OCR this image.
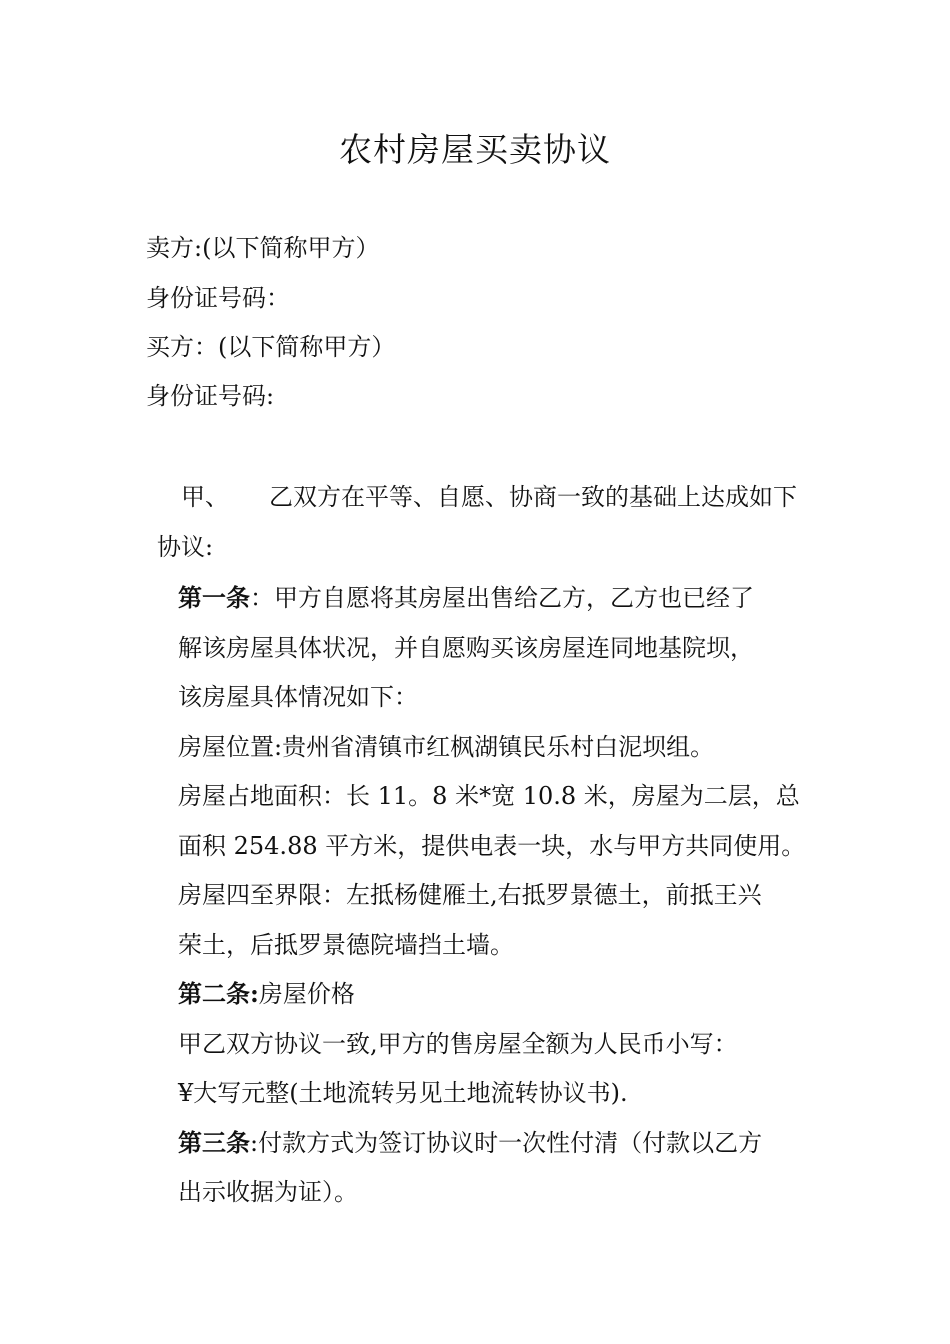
农村房屋买卖协议
卖方:(以下简称甲方）
身份证号码：
买方：(以下简称甲方）
身份证号码:
甲、 乙双方在平等、自愿、协商一致的基础上达成如下
协议:
第一条：甲方自愿将其房屋出售给乙方，乙方也已经了
解该房屋具体状况，并自愿购买该房屋连同地基院坝，
该房屋具体情况如下：
房屋位置:贵州省清镇市红枫湖镇民乐村白泥坝组。
房屋占地面积：长 11。8 米*宽 10.8 米，房屋为二层，总
面积 254.88 平方米，提供电表一块，水与甲方共同使用。
房屋四至界限：左抵杨健雁土,右抵罗景德土，前抵王兴
荣土，后抵罗景德院墙挡土墙。
第二条:房屋价格
甲乙双方协议一致,甲方的售房屋全额为人民币小写：
¥大写元整(土地流转另见土地流转协议书).
第三条:付款方式为签订协议时一次性付清（付款以乙方
出示收据为证）。
